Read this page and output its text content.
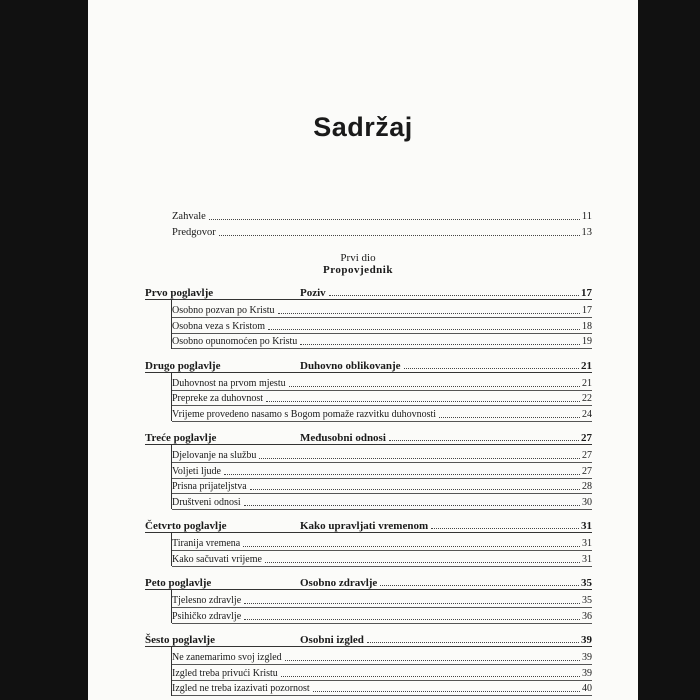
Sadržaj
Zahvale	11
Predgovor	13
Prvi dio
Propovjednik
Prvo poglavlje	Poziv	17
Osobno pozvan po Kristu	17
Osobna veza s Kristom	18
Osobno opunomoćen po Kristu	19
Drugo poglavlje	Duhovno oblikovanje	21
Duhovnost na prvom mjestu	21
Prepreke za duhovnost	22
Vrijeme provedeno nasamo s Bogom pomaže razvitku duhovnosti	24
Treće poglavlje	Međusobni odnosi	27
Djelovanje na službu	27
Voljeti ljude	27
Prisna prijateljstva	28
Društveni odnosi	30
Četvrto poglavlje	Kako upravljati vremenom	31
Tiranija vremena	31
Kako sačuvati vrijeme	31
Peto poglavlje	Osobno zdravlje	35
Tjelesno zdravlje	35
Psihičko zdravlje	36
Šesto poglavlje	Osobni izgled	39
Ne zanemarimo svoj izgled	39
Izgled treba privući Kristu	39
Izgled ne treba izazivati pozornost	40
